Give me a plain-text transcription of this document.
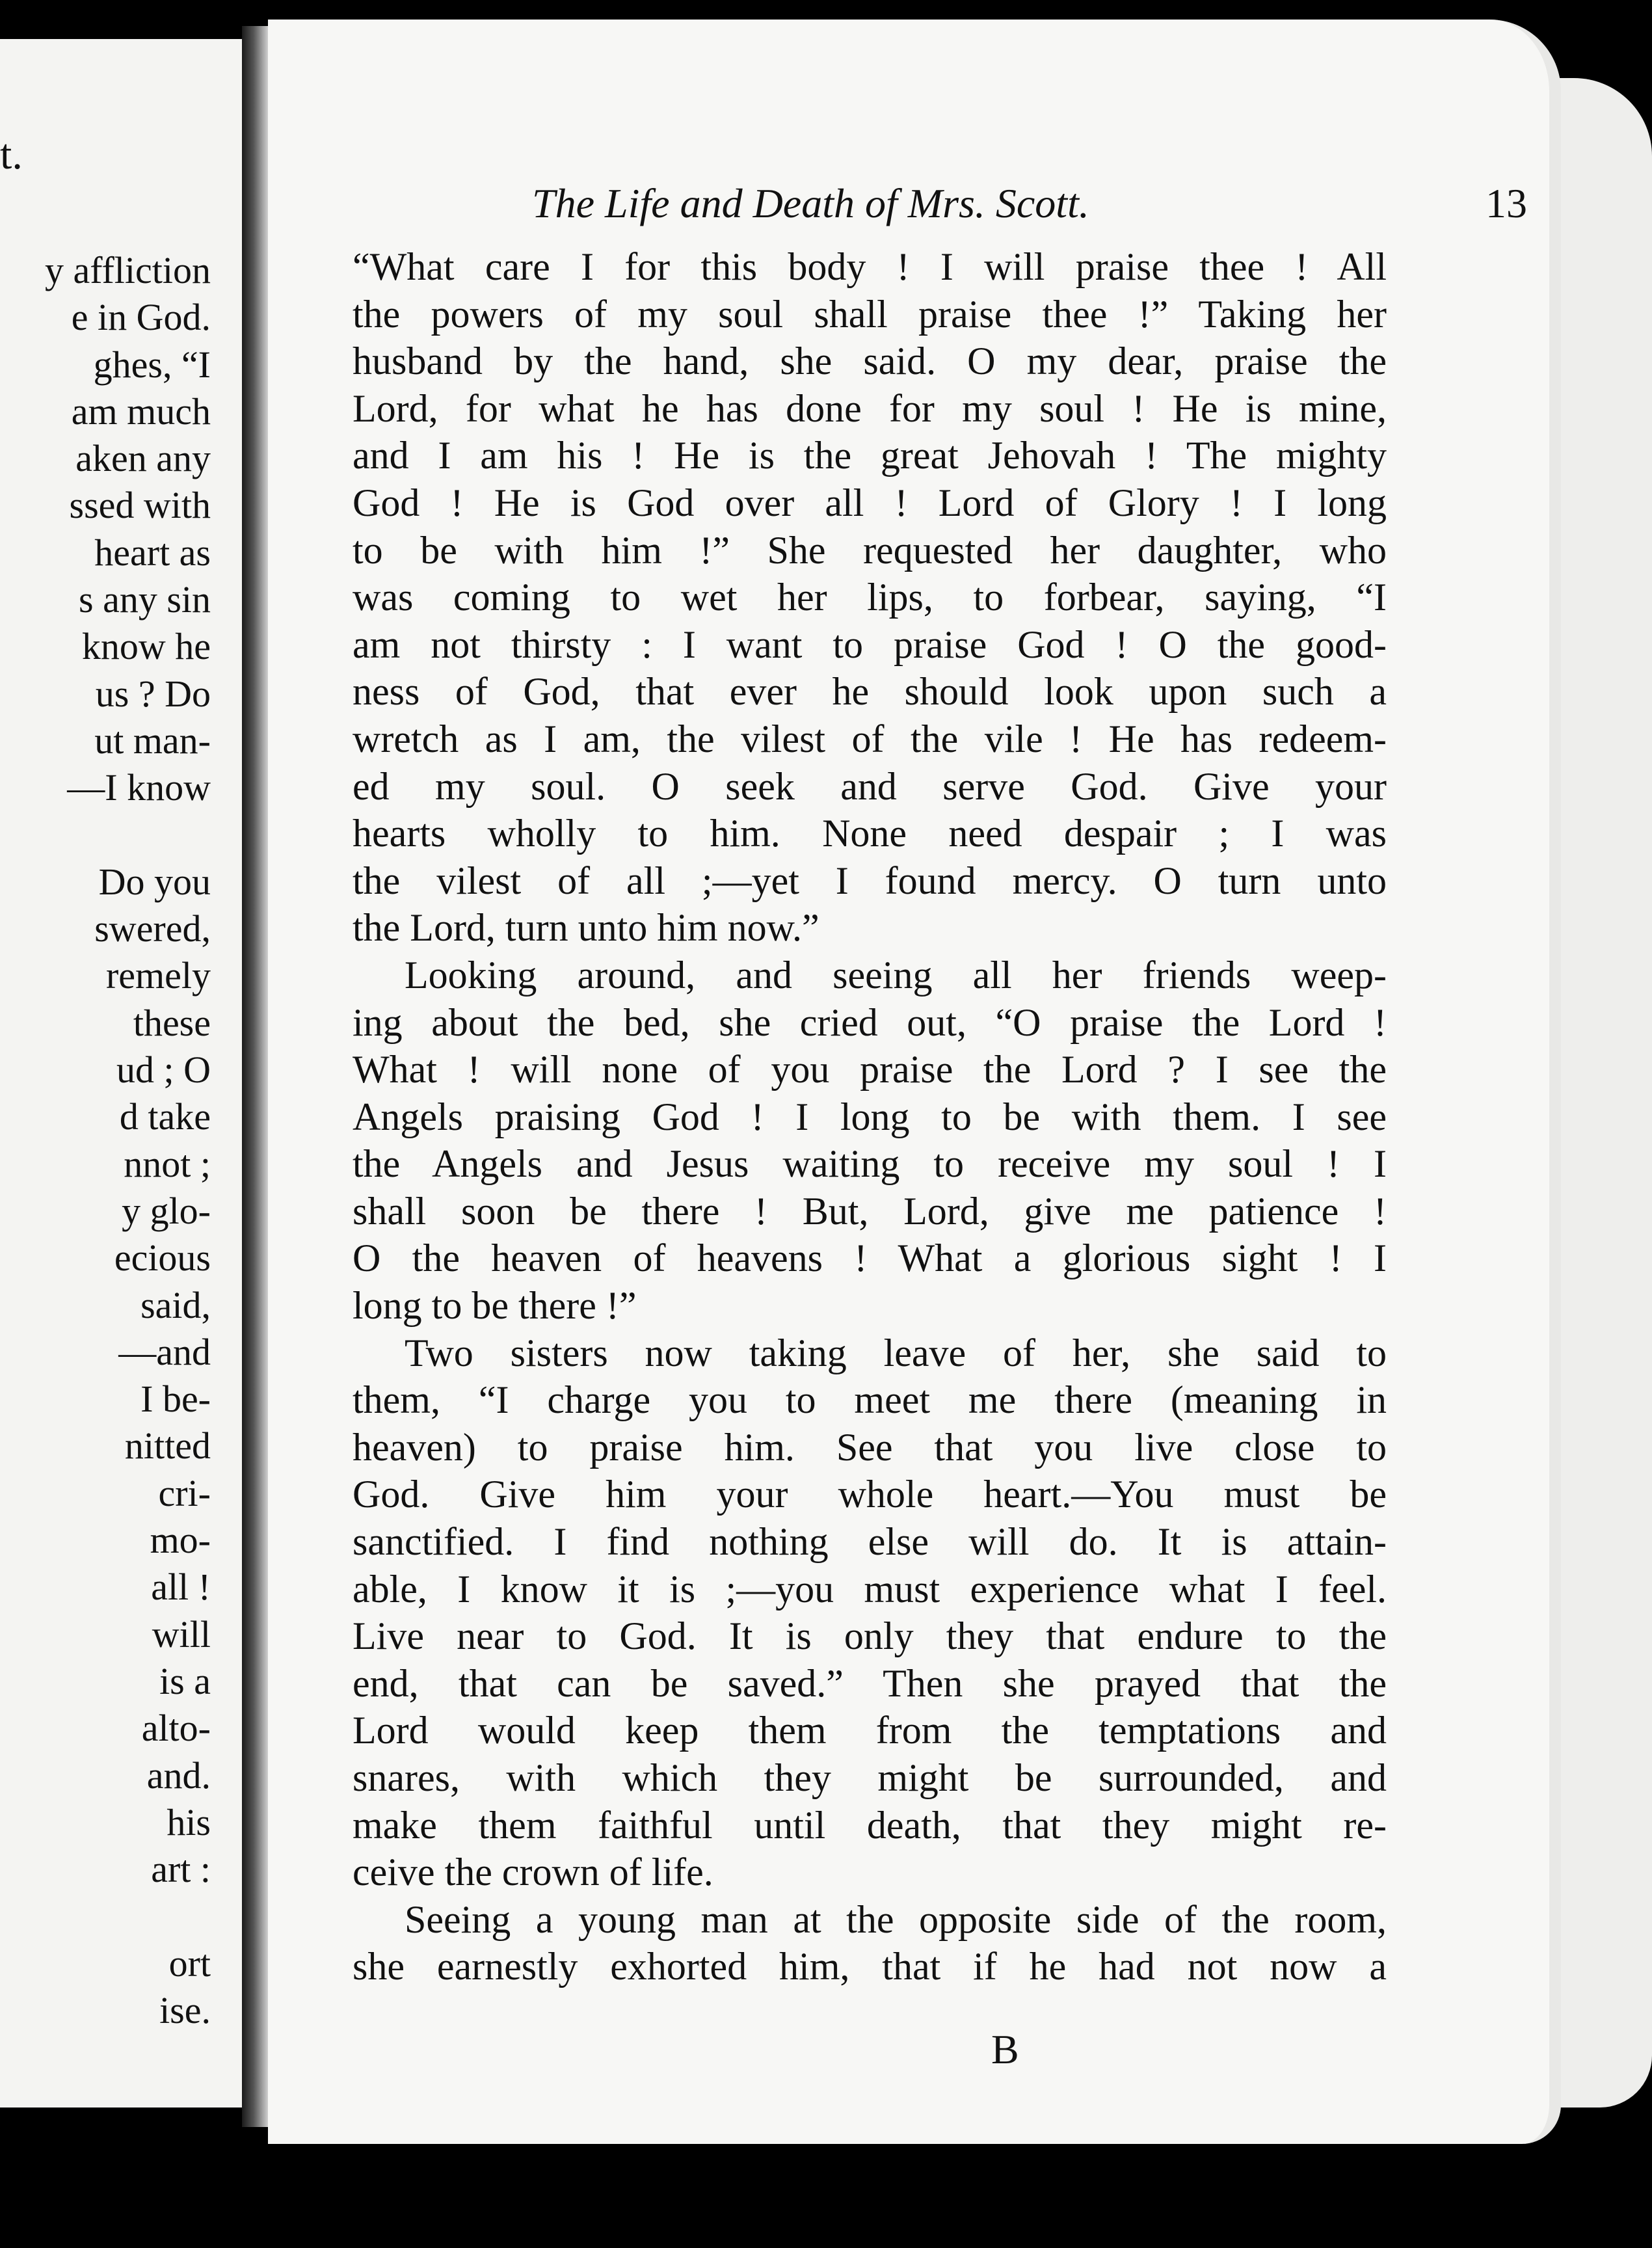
t.
y affliction
e in God.
ghes, “I
am much
aken any
ssed with
heart as
s any sin
know he
us ? Do
ut man-
—I know
Do you
swered,
remely
these
ud ; O
d take
nnot ;
y glo-
ecious
said,
—and
I be-
nitted
cri-
mo-
all !
will
is a
alto-
and.
his
art :
ort
ise.
The Life and Death of Mrs. Scott.	13
“What care I for this body ! I will praise thee ! All
the powers of my soul shall praise thee !” Taking her
husband by the hand, she said. O my dear, praise the
Lord, for what he has done for my soul ! He is mine,
and I am his ! He is the great Jehovah ! The mighty
God ! He is God over all ! Lord of Glory ! I long
to be with him !” She requested her daughter, who
was coming to wet her lips, to forbear, saying, “I
am not thirsty : I want to praise God ! O the good-
ness of God, that ever he should look upon such a
wretch as I am, the vilest of the vile ! He has redeem-
ed my soul. O seek and serve God. Give your
hearts wholly to him. None need despair ; I was
the vilest of all ;—yet I found mercy. O turn unto
the Lord, turn unto him now.”
Looking around, and seeing all her friends weep-
ing about the bed, she cried out, “O praise the Lord !
What ! will none of you praise the Lord ? I see the
Angels praising God ! I long to be with them. I see
the Angels and Jesus waiting to receive my soul ! I
shall soon be there ! But, Lord, give me patience !
O the heaven of heavens ! What a glorious sight ! I
long to be there !”
Two sisters now taking leave of her, she said to
them, “I charge you to meet me there (meaning in
heaven) to praise him. See that you live close to
God. Give him your whole heart.—You must be
sanctified. I find nothing else will do. It is attain-
able, I know it is ;—you must experience what I feel.
Live near to God. It is only they that endure to the
end, that can be saved.” Then she prayed that the
Lord would keep them from the temptations and
snares, with which they might be surrounded, and
make them faithful until death, that they might re-
ceive the crown of life.
Seeing a young man at the opposite side of the room,
she earnestly exhorted him, that if he had not now a
B
